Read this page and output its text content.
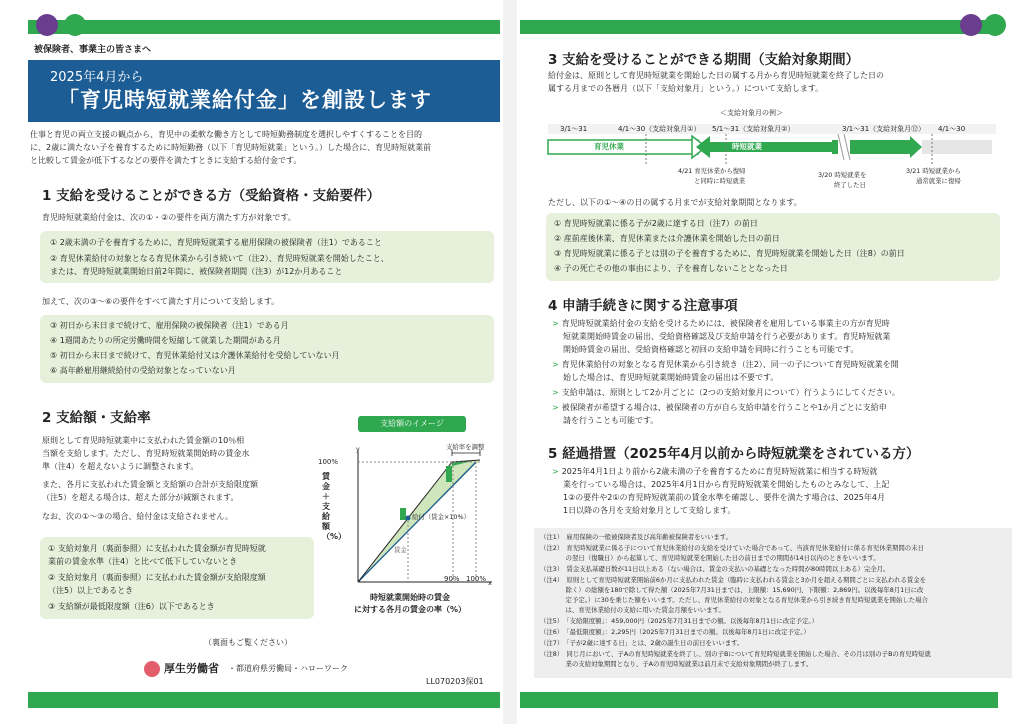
被保険者、事業主の皆さまへ
2025年4月から
「育児時短就業給付金」を創設します
仕事と育児の両立支援の観点から、育児中の柔軟な働き方として時短勤務制度を選択しやすくすることを目的
に、2歳に満たない子を養育するために時短勤務（以下「育児時短就業」という。）した場合に、育児時短就業前
と比較して賃金が低下するなどの要件を満たすときに支給する給付金です。
1 支給を受けることができる方（受給資格・支給要件）
育児時短就業給付金は、次の①・②の要件を両方満たす方が対象です。
① 2歳未満の子を養育するために、育児時短就業する雇用保険の被保険者（注1）であること
② 育児休業給付の対象となる育児休業から引き続いて（注2）、育児時短就業を開始したこと、
または、育児時短就業開始日前2年間に、被保険者期間（注3）が12か月あること
加えて、次の③～⑥の要件をすべて満たす月について支給します。
③ 初日から末日まで続けて、雇用保険の被保険者（注1）である月
④ 1週間あたりの所定労働時間を短縮して就業した期間がある月
⑤ 初日から末日まで続けて、育児休業給付又は介護休業給付を受給していない月
⑥ 高年齢雇用継続給付の受給対象となっていない月
2 支給額・支給率
原則として育児時短就業中に支払われた賃金額の10％相
当額を支給します。ただし、育児時短就業開始時の賃金水
準（注4）を超えないように調整されます。
また、各月に支払われた賃金額と支給額の合計が支給限度額
（注5）を超える場合は、超えた部分が減額されます。
なお、次の①～③の場合、給付金は支給されません。
① 支給対象月（裏面参照）に支払われた賃金額が育児時短就
業前の賃金水準（注4）と比べて低下していないとき
② 支給対象月（裏面参照）に支払われた賃金額が支給限度額
（注5）以上であるとき
③ 支給額が最低限度額（注6）以下であるとき
支給額のイメージ
支給率を調整
100%
y
賃金＋支給額（%）
給付（賃金×10%）
賃金
90% 100% x
時短就業開始時の賃金
に対する各月の賃金の率（%）
（裏面もご覧ください）
厚生労働省 ・都道府県労働局・ハローワーク
LL070203保01
3 支給を受けることができる期間（支給対象期間）
給付金は、原則として育児時短就業を開始した日の属する月から育児時短就業を終了した日の
属する月までの各暦月（以下「支給対象月」という。）について支給します。
＜支給対象月の例＞
3/1～31	4/1～30（支給対象月①） 5/1～31（支給対象月②）	3/1～31（支給対象月⑫） 4/1～30
育児休業	時短就業
4/21 育児休業から復帰
と同時に時短就業
3/20 時短就業を
終了した日
3/21 時短就業から
通常就業に復帰
ただし、以下の①～④の日の属する月までが支給対象期間となります。
① 育児時短就業に係る子が2歳に達する日（注7）の前日
② 産前産後休業、育児休業または介護休業を開始した日の前日
③ 育児時短就業に係る子とは別の子を養育するために、育児時短就業を開始した日（注8）の前日
④ 子の死亡その他の事由により、子を養育しないこととなった日
4 申請手続きに関する注意事項
> 育児時短就業給付金の支給を受けるためには、被保険者を雇用している事業主の方が育児時
短就業開始時賃金の届出、受給資格確認及び支給申請を行う必要があります。育児時短就業
開始時賃金の届出、受給資格確認と初回の支給申請を同時に行うことも可能です。
> 育児休業給付の対象となる育児休業から引き続き（注2）、同一の子について育児時短就業を開
始した場合は、育児時短就業開始時賃金の届出は不要です。
> 支給申請は、原則として2か月ごとに（2つの支給対象月について）行うようにしてください。
> 被保険者が希望する場合は、被保険者の方が自ら支給申請を行うことや1か月ごとに支給申
請を行うことも可能です。
5 経過措置（2025年4月以前から時短就業をされている方）
> 2025年4月1日より前から2歳未満の子を養育するために育児時短就業に相当する時短就
業を行っている場合は、2025年4月1日から育児時短就業を開始したものとみなして、上記
1②の要件や2①の育児時短就業前の賃金水準を確認し、要件を満たす場合は、2025年4月
1日以降の各月を支給対象月として支給します。
（注1）　雇用保険の一般被保険者及び高年齢被保険者をいいます。
（注2）　育児時短就業に係る子について育児休業給付の支給を受けていた場合であって、当該育児休業給付に係る育児休業期間の末日
　　　　の翌日（復職日）から起算して、育児時短就業を開始した日の前日までの期間が14日以内のときをいいます。
（注3）　賃金支払基礎日数が11日以上ある（ない場合は、賃金の支払いの基礎となった時間が80時間以上ある）完全月。
（注4）　原則として育児時短就業開始前6か月に支払われた賃金（臨時に支払われる賃金と3か月を超える期間ごとに支払われる賃金を
　　　　除く）の総額を180で除して得た額（2025年7月31日までは、上限額：15,690円、下限額：2,869円。以後毎年8月1日に改
　　　　定予定。）に30を乗じた額をいいます。ただし、育児休業給付の対象となる育児休業から引き続き育児時短就業を開始した場合
　　　　は、育児休業給付の支給に用いた賃金月額をいいます。
（注5）　「支給限度額」：459,000円（2025年7月31日までの額。以後毎年8月1日に改定予定。）
（注6）　「最低限度額」：2,295円（2025年7月31日までの額。以後毎年8月1日に改定予定。）
（注7）　「子が2歳に達する日」とは、2歳の誕生日の前日をいいます。
（注8）　同じ月において、子Aの育児時短就業を終了し、別の子Bについて育児時短就業を開始した場合、その月は別の子Bの育児時短就
　　　　業の支給対象期間となり、子Aの育児時短就業は前月末で支給対象期間が終了します。
